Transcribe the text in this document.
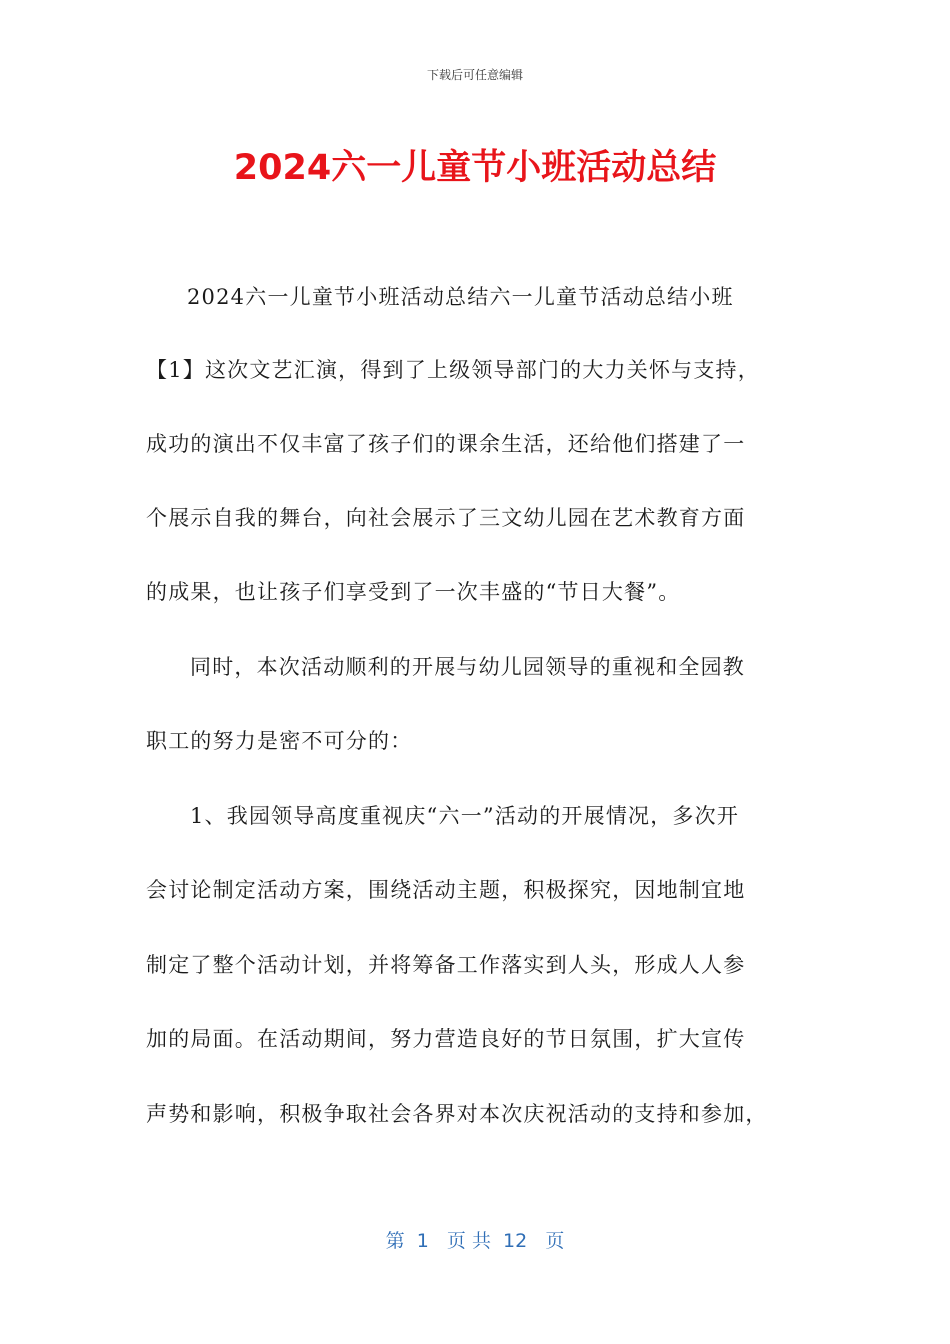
下载后可任意编辑
2024六一儿童节小班活动总结
2024六一儿童节小班活动总结六一儿童节活动总结小班
【1】这次文艺汇演，得到了上级领导部门的大力关怀与支持，
成功的演出不仅丰富了孩子们的课余生活，还给他们搭建了一
个展示自我的舞台，向社会展示了三文幼儿园在艺术教育方面
的成果，也让孩子们享受到了一次丰盛的“节日大餐”。
同时，本次活动顺利的开展与幼儿园领导的重视和全园教
职工的努力是密不可分的：
1、我园领导高度重视庆“六一”活动的开展情况，多次开
会讨论制定活动方案，围绕活动主题，积极探究，因地制宜地
制定了整个活动计划，并将筹备工作落实到人头，形成人人参
加的局面。在活动期间，努力营造良好的节日氛围，扩大宣传
声势和影响，积极争取社会各界对本次庆祝活动的支持和参加，
第  1   页 共  12   页
